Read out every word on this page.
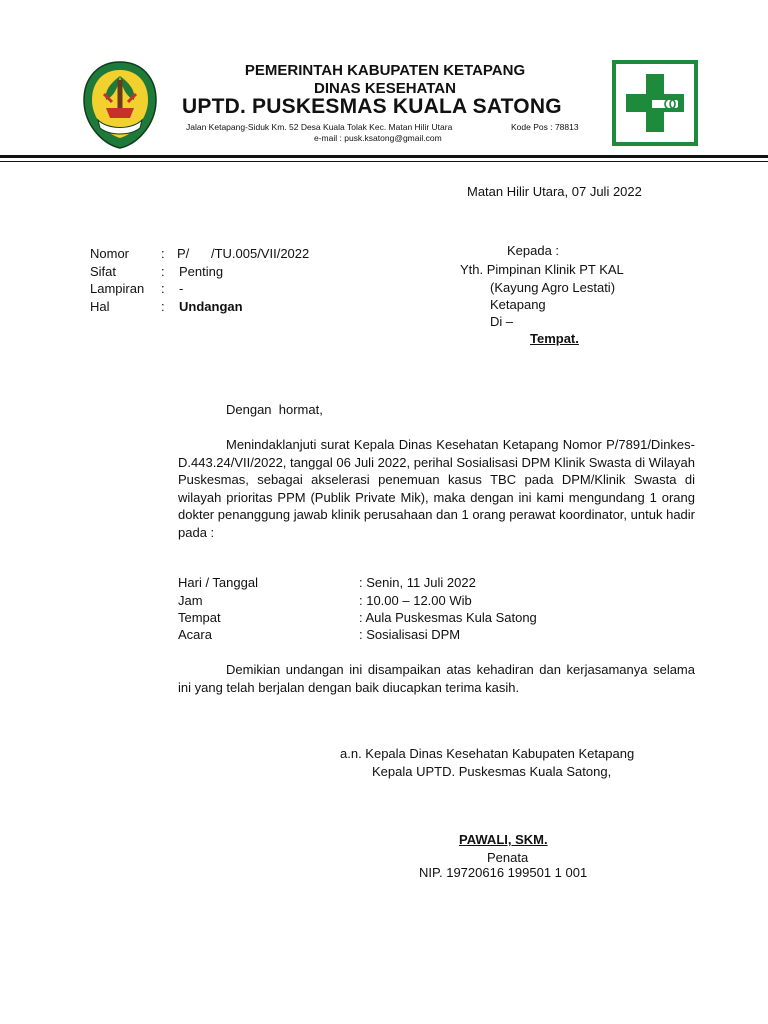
PEMERINTAH KABUPATEN KETAPANG
DINAS KESEHATAN
UPTD. PUSKESMAS KUALA SATONG
Jalan Ketapang-Siduk Km. 52 Desa Kuala Tolak Kec. Matan Hilir Utara	Kode Pos : 78813
e-mail : pusk.ksatong@gmail.com
Matan Hilir Utara, 07 Juli 2022
Nomor : P/      /TU.005/VII/2022
Sifat	: Penting
Lampiran : -
Hal	: Undangan
Kepada :
Yth. Pimpinan Klinik PT KAL
(Kayung Agro Lestati)
Ketapang
Di –
Tempat.
Dengan  hormat,
Menindaklanjuti surat Kepala Dinas Kesehatan Ketapang Nomor P/7891/Dinkes-D.443.24/VII/2022, tanggal 06 Juli 2022, perihal Sosialisasi DPM Klinik Swasta di Wilayah Puskesmas, sebagai akselerasi penemuan kasus TBC pada DPM/Klinik Swasta di wilayah prioritas PPM (Publik Private Mik), maka dengan ini kami mengundang 1 orang dokter penanggung jawab klinik perusahaan dan 1 orang perawat koordinator, untuk hadir pada :
Hari / Tanggal	: Senin, 11 Juli 2022
Jam	: 10.00 – 12.00 Wib
Tempat	: Aula Puskesmas Kula Satong
Acara	: Sosialisasi DPM
Demikian undangan ini disampaikan atas kehadiran dan kerjasamanya selama ini yang telah berjalan dengan baik diucapkan terima kasih.
a.n. Kepala Dinas Kesehatan Kabupaten Ketapang
Kepala UPTD. Puskesmas Kuala Satong,
PAWALI, SKM.
Penata
NIP. 19720616 199501 1 001
